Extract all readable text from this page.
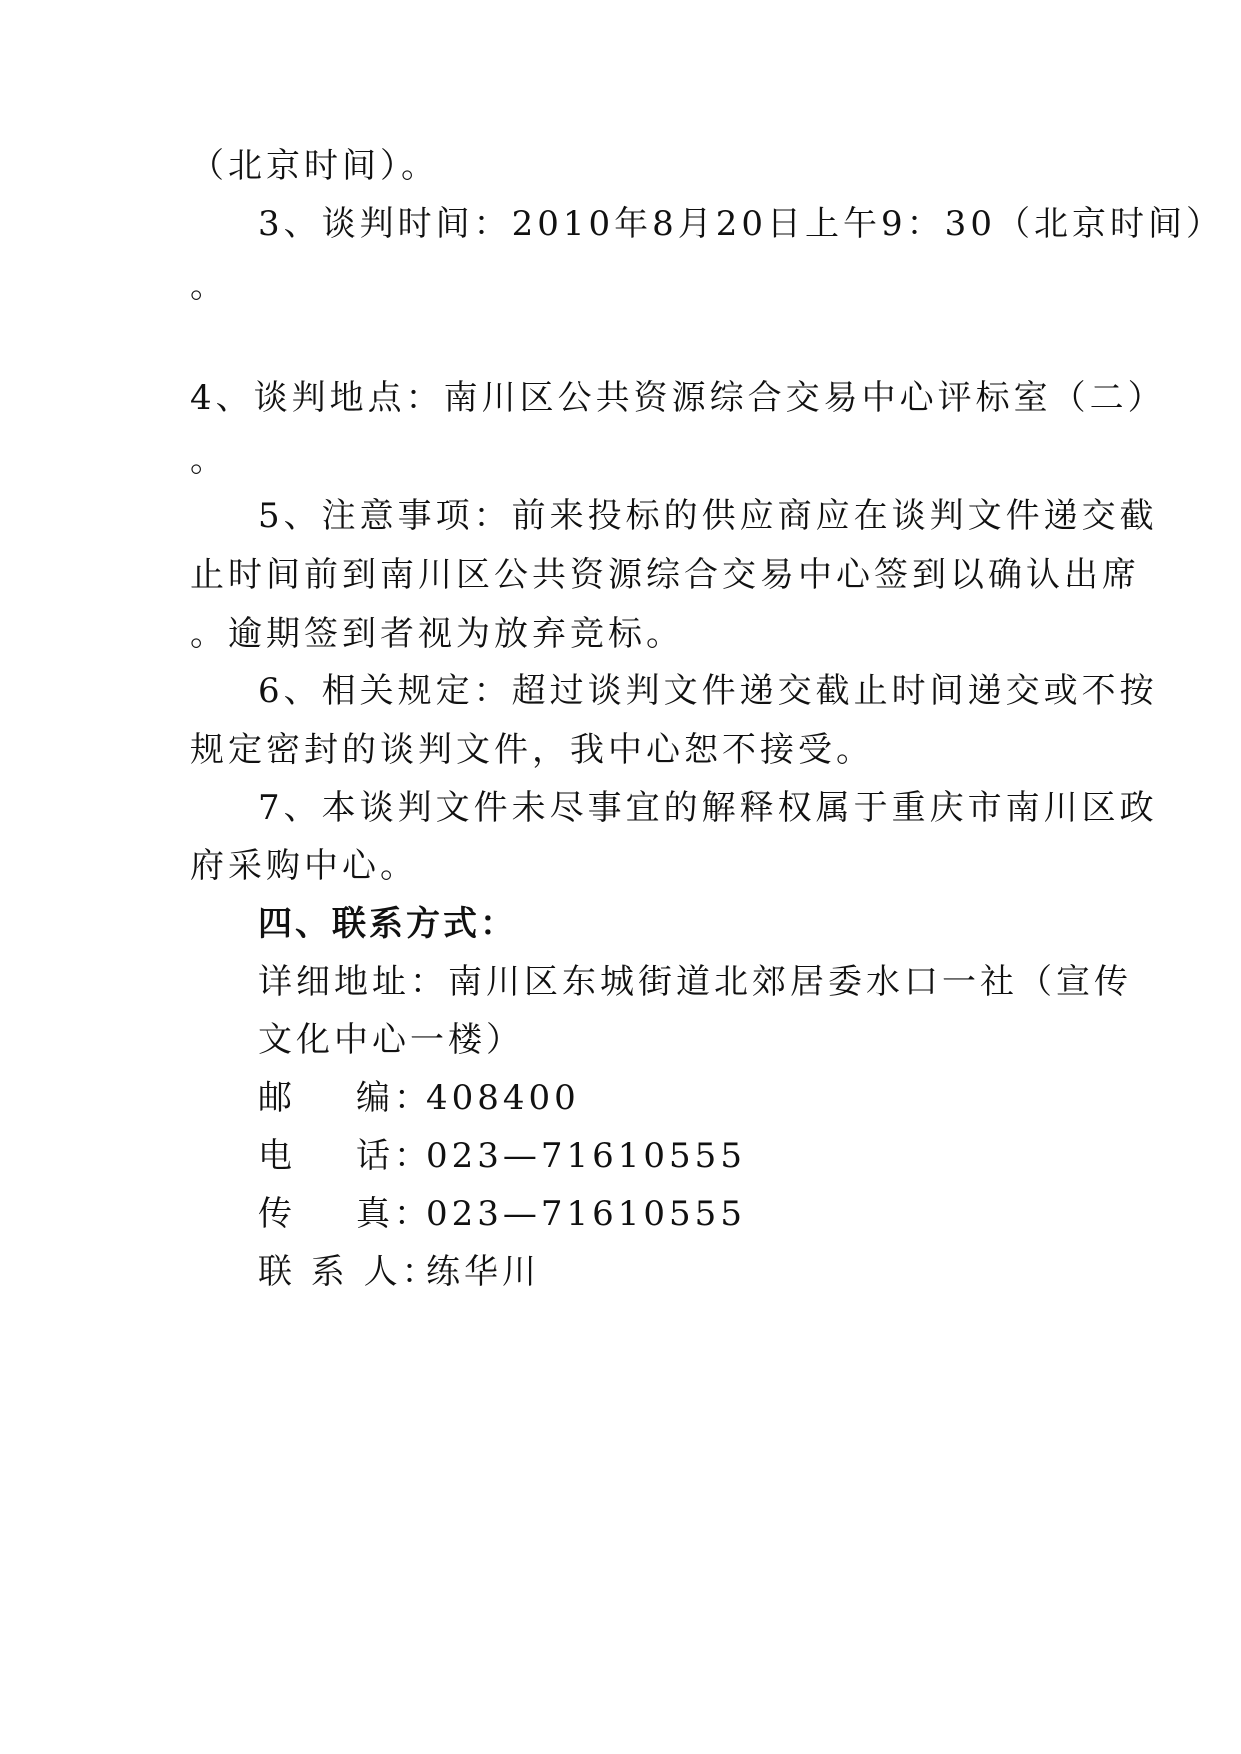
（北京时间）。
3、谈判时间：2010年8月20日上午9：30（北京时间）
。
4、谈判地点：南川区公共资源综合交易中心评标室（二）
。
5、注意事项：前来投标的供应商应在谈判文件递交截
止时间前到南川区公共资源综合交易中心签到以确认出席
。逾期签到者视为放弃竞标。
6、相关规定：超过谈判文件递交截止时间递交或不按
规定密封的谈判文件，我中心恕不接受。
7、本谈判文件未尽事宜的解释权属于重庆市南川区政
府采购中心。
四、联系方式：
详细地址：南川区东城街道北郊居委水口一社（宣传
文化中心一楼）
邮 编：408400
电 话：023—71610555
传 真：023—71610555
联 系 人：练华川
